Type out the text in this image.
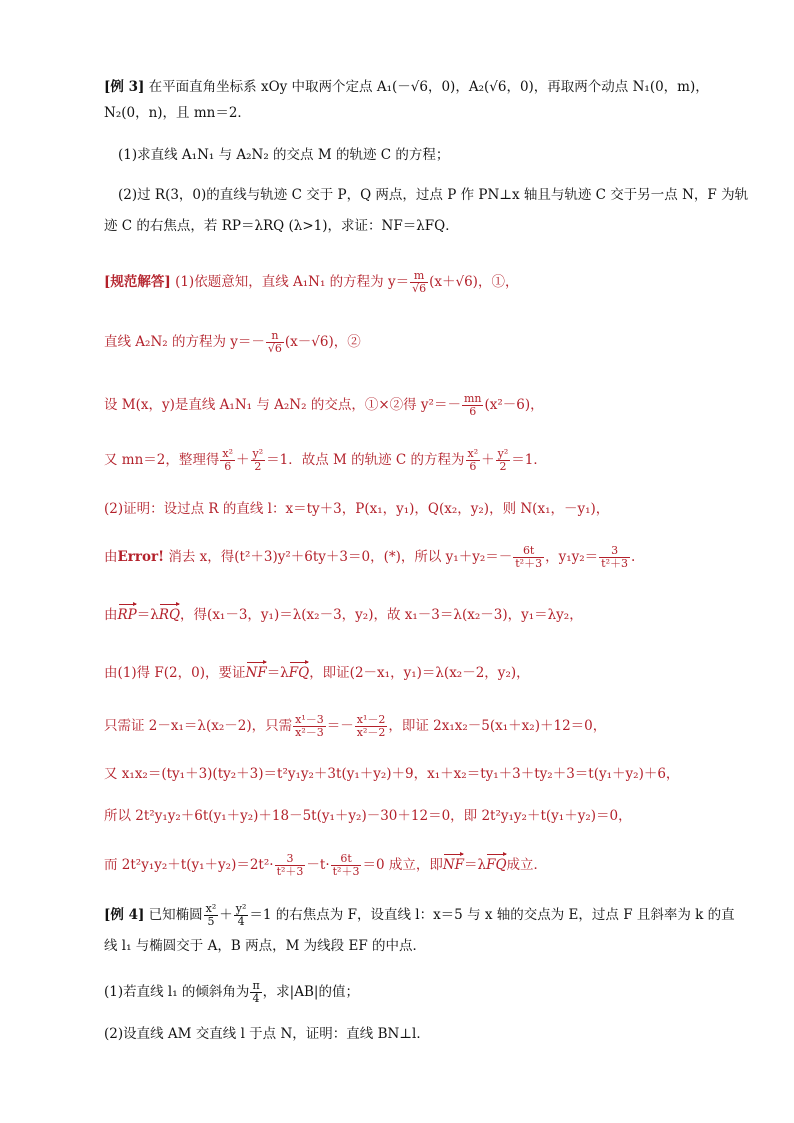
[例 3] 在平面直角坐标系 xOy 中取两个定点 A₁(－√6，0)，A₂(√6，0)，再取两个动点 N₁(0，m)，
N₂(0，n)，且 mn＝2．
(1)求直线 A₁N₁ 与 A₂N₂ 的交点 M 的轨迹 C 的方程；
(2)过 R(3，0)的直线与轨迹 C 交于 P，Q 两点，过点 P 作 PN⊥x 轴且与轨迹 C 交于另一点 N，F 为轨
迹 C 的右焦点，若 RP＝λRQ (λ>1)，求证：NF＝λFQ．
[规范解答] (1)依题意知，直线 A₁N₁ 的方程为 $y= \frac{m}{√6} (x+√6)$，①，
直线 A₂N₂ 的方程为 $y=- \frac{n}{√6} (x-√6)$，②
设 M(x，y)是直线 A₁N₁ 与 A₂N₂ 的交点，①×②得 $y^2=- \frac{mn}{6} (x^2-6)$，
又 mn＝2，整理得 $\frac{\text{x²}}{6} + \frac{\text{y²}}{2} =1$．故点 M 的轨迹 C 的方程为 $\frac{\text{x²}}{6} + \frac{\text{y²}}{2} =1$．
(2)证明：设过点 R 的直线 l：x＝ty＋3，P(x₁，y₁)，Q(x₂，y₂)，则 N(x₁，－y₁)，
由Error! 消去 x，得(t²＋3)y²＋6ty＋3＝0，(*)，所以 $y_1+y_2=- \frac{6t}{\text{t²＋3}}$ ，$y_1y_2= \frac{3}{\text{t²＋3}}$ .
由RP＝λRQ，得(x₁－3，y₁)＝λ(x₂－3，y₂)，故 x₁－3＝λ(x₂－3)，y₁＝λy₂，
由(1)得 F(2，0)，要证NF＝λFQ，即证(2－x₁，y₁)＝λ(x₂－2，y₂)，
只需证 2－x₁＝λ(x₂－2)，只需 $\frac{\text{x¹－3}}{\text{x²－3}} =- \frac{\text{x¹－2}}{\text{x²－2}}$ ，即证 2x₁x₂－5(x₁＋x₂)＋12＝0，
又 x₁x₂＝(ty₁＋3)(ty₂＋3)＝t²y₁y₂＋3t(y₁＋y₂)＋9，x₁＋x₂＝ty₁＋3＋ty₂＋3＝t(y₁＋y₂)＋6，
所以 2t²y₁y₂＋6t(y₁＋y₂)＋18－5t(y₁＋y₂)－30＋12＝0，即 2t²y₁y₂＋t(y₁＋y₂)＝0，
而 $2t^2y_1y_2+t(y_1+y_2)=2t^2\cdot \frac{3}{\text{t²＋3}} -t\cdot \frac{6t}{\text{t²＋3}} =0$ 成立，即NF＝λFQ成立．
[例 4] 已知椭圆 $\frac{\text{x²}}{5} + \frac{\text{y²}}{4} =1$ 的右焦点为 F，设直线 l：x＝5 与 x 轴的交点为 E，过点 F 且斜率为 k 的直
线 l₁ 与椭圆交于 A，B 两点，M 为线段 EF 的中点．
(1)若直线 l₁ 的倾斜角为 $\frac{\pi}{4}$ ，求|AB|的值；
(2)设直线 AM 交直线 l 于点 N，证明：直线 BN⊥l．
